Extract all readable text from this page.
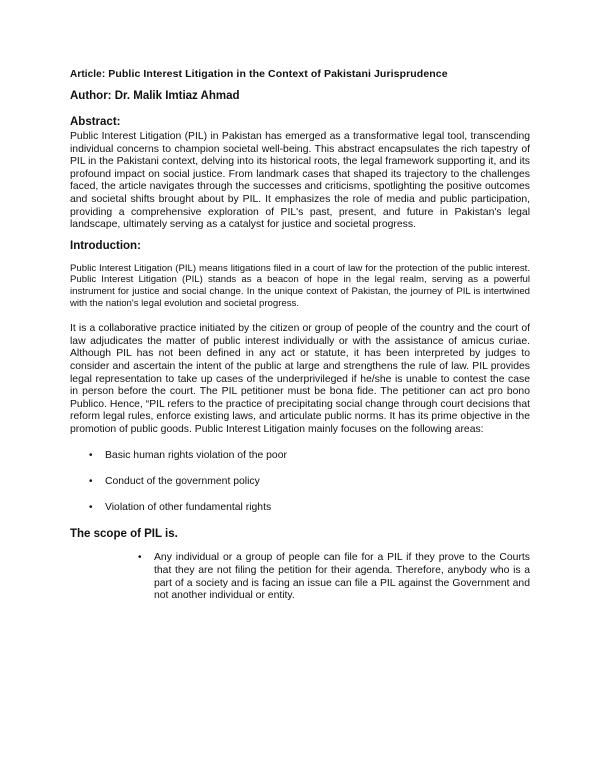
Article: Public Interest Litigation in the Context of Pakistani Jurisprudence
Author: Dr. Malik Imtiaz Ahmad
Abstract:

Public Interest Litigation (PIL) in Pakistan has emerged as a transformative legal tool, transcending individual concerns to champion societal well-being. This abstract encapsulates the rich tapestry of PIL in the Pakistani context, delving into its historical roots, the legal framework supporting it, and its profound impact on social justice. From landmark cases that shaped its trajectory to the challenges faced, the article navigates through the successes and criticisms, spotlighting the positive outcomes and societal shifts brought about by PIL. It emphasizes the role of media and public participation, providing a comprehensive exploration of PIL's past, present, and future in Pakistan's legal landscape, ultimately serving as a catalyst for justice and societal progress.

Introduction:

Public Interest Litigation (PIL) means litigations filed in a court of law for the protection of the public interest. Public Interest Litigation (PIL) stands as a beacon of hope in the legal realm, serving as a powerful instrument for justice and social change. In the unique context of Pakistan, the journey of PIL is intertwined with the nation's legal evolution and societal progress.

It is a collaborative practice initiated by the citizen or group of people of the country and the court of law adjudicates the matter of public interest individually or with the assistance of amicus curiae. Although PIL has not been defined in any act or statute, it has been interpreted by judges to consider and ascertain the intent of the public at large and strengthens the rule of law. PIL provides legal representation to take up cases of the underprivileged if he/she is unable to contest the case in person before the court. The PIL petitioner must be bona fide. The petitioner can act pro bono Publico. Hence, “PIL refers to the practice of precipitating social change through court decisions that reform legal rules, enforce existing laws, and articulate public norms. It has its prime objective in the promotion of public goods. Public Interest Litigation mainly focuses on the following areas:

• Basic human rights violation of the poor
• Conduct of the government policy
• Violation of other fundamental rights
The scope of PIL is.
• Any individual or a group of people can file for a PIL if they prove to the Courts that they are not filing the petition for their agenda. Therefore, anybody who is a part of a society and is facing an issue can file a PIL against the Government and not another individual or entity.
